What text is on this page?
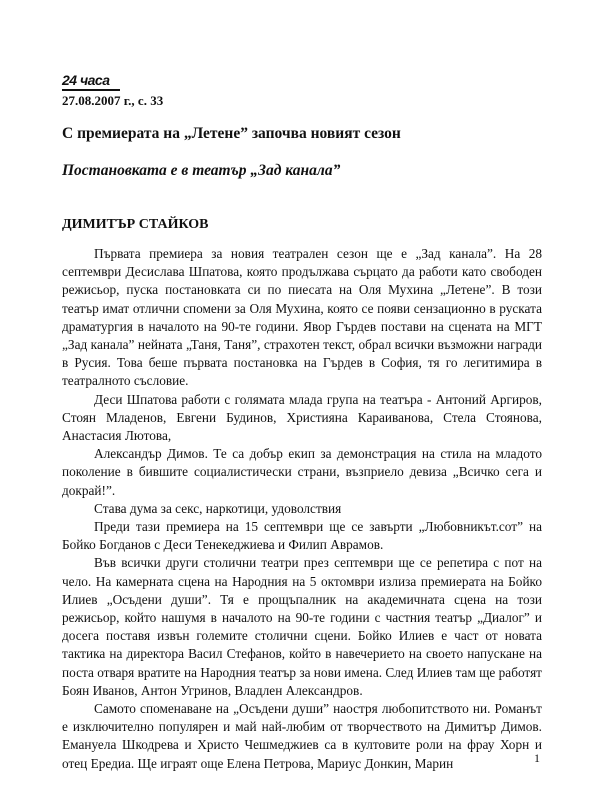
24 часа
27.08.2007 г., с. 33
С премиерата на „Летене” започва новият сезон
Постановката е в театър „Зад канала”
ДИМИТЪР СТАЙКОВ

Първата премиера за новия театрален сезон ще е „Зад канала”. На 28 септември Десислава Шпатова, която продължава сърцато да работи като свободен режисьор, пуска постановката си по пиесата на Оля Мухина „Летене”. В този театър имат отлични спомени за Оля Мухина, която се появи сензационно в руската драматургия в началото на 90-те години. Явор Гърдев постави на сцената на МГТ „Зад канала” нейната „Таня, Таня”, страхотен текст, обрал всички възможни награди в Русия. Това беше първата постановка на Гърдев в София, тя го легитимира в театралното съсловие.

Деси Шпатова работи с голямата млада група на театъра - Антоний Аргиров, Стоян Младенов, Евгени Будинов, Християна Караиванова, Стела Стоянова, Анастасия Лютова,

Александър Димов. Те са добър екип за демонстрация на стила на младото поколение в бившите социалистически страни, възприело девиза „Всичко сега и докрай!”.

Става дума за секс, наркотици, удоволствия

Преди тази премиера на 15 септември ще се завърти „Любовникът.сот” на Бойко Богданов с Деси Тенекеджиева и Филип Аврамов.

Във всички други столични театри през септември ще се репетира с пот на чело. На камерната сцена на Народния на 5 октомври излиза премиерата на Бойко Илиев „Осъдени души”. Тя е прощъпалник на академичната сцена на този режисьор, който нашумя в началото на 90-те години с частния театър „Диалог” и досега поставя извън големите столични сцени. Бойко Илиев е част от новата тактика на директора Васил Стефанов, който в навечерието на своето напускане на поста отваря вратите на Народния театър за нови имена. След Илиев там ще работят Боян Иванов, Антон Угринов, Владлен Александров.

Самото споменаване на „Осъдени души” наостря любопитството ни. Романът е изключително популярен и май най-любим от творчеството на Димитър Димов. Емануела Шкодрева и Христо Чешмеджиев са в култовите роли на фрау Хорн и отец Ередиа. Ще играят още Елена Петрова, Мариус Донкин, Марин	1
